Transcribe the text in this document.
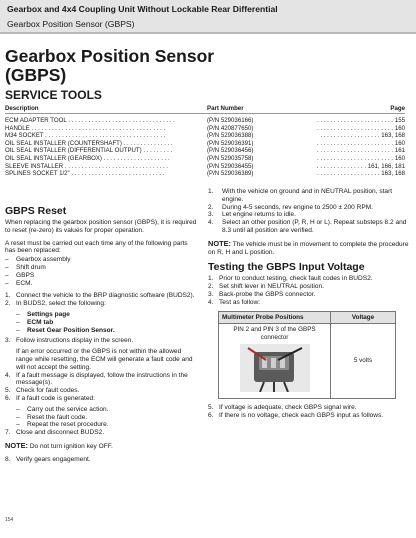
Gearbox and 4x4 Coupling Unit Without Lockable Rear Differential
Gearbox Position Sensor (GBPS)
Gearbox Position Sensor
(GBPS)
SERVICE TOOLS
Description	Part Number	Page
ECM ADAPTER TOOL . . . . . . . . . . . . . . . . . . . . . . . . . . . . . . . .	(P/N 529036166)	. . . . . . . . . . . . . . . . . . . . . . . 155
HANDLE . . . . . . . . . . . . . . . . . . . . . . . . . . . . . . . . . . . . . . . .	(P/N 420877650)	. . . . . . . . . . . . . . . . . . . . . . . 160
M34 SOCKET . . . . . . . . . . . . . . . . . . . . . . . . . . . . . . . . . . . .	(P/N 529036388)	. . . . . . . . . . . . . . . . . . 163, 168
OIL SEAL INSTALLER (COUNTERSHAFT) . . . . . . . . . . . . . . .	(P/N 529036391)	. . . . . . . . . . . . . . . . . . . . . . . 160
OIL SEAL INSTALLER (DIFFERENTIAL OUTPUT) . . . . . . . . .	(P/N 529036456)	. . . . . . . . . . . . . . . . . . . . . . . 161
OIL SEAL INSTALLER (GEARBOX) . . . . . . . . . . . . . . . . . . . .	(P/N 529035758)	. . . . . . . . . . . . . . . . . . . . . . . 160
SLEEVE INSTALLER . . . . . . . . . . . . . . . . . . . . . . . . . . . . . . .	(P/N 529036455)	. . . . . . . . . . . . . . . 161, 166, 181
SPLINES SOCKET 1/2" . . . . . . . . . . . . . . . . . . . . . . . . . . . .	(P/N 529036389)	. . . . . . . . . . . . . . . . . . . 163, 168
GBPS Reset

When replacing the gearbox position sensor (GBPS), it is required to reset (re-zero) its values for proper operation.

A reset must be carried out each time any of the following parts has been replaced:

– Gearbox assembly
– Shift drum
– GBPS
– ECM.
1. Connect the vehicle to the BRP diagnostic software (BUDS2).
2. In BUDS2, select the following:
– Settings page
– ECM tab
– Reset Gear Position Sensor.
3. Follow instructions display in the screen.
If an error occurred or the GBPS is not within the allowed range while resetting, the ECM will generate a fault code and will not accept the setting.
4. If a fault message is displayed, follow the instructions in the message(s).
5. Check for fault codes.
6. If a fault code is generated:
– Carry out the service action.
– Reset the fault code.
– Repeat the reset procedure.
7. Close and disconnect BUDS2.
NOTE: Do not turn ignition key OFF.
8. Verify gears engagement.
1. With the vehicle on ground and in NEUTRAL position, start engine.
2. During 4-5 seconds, rev engine to 2500 ± 200 RPM.
3. Let engine returns to idle.
4. Select an other position (P, R, H or L). Repeat substeps 8.2 and 8.3 until all position are verified.
NOTE: The vehicle must be in movement to complete the procedure on R, H and L position.
Testing the GBPS Input Voltage
1. Prior to conduct testing, check fault codes in BUDS2.
2. Set shift lever in NEUTRAL position.
3. Back-probe the GBPS connector.
4. Test as follow:
Multimeter Probe Positions	Voltage
PIN 2 and PIN 3 of the GBPS connector
5 volts
5. If voltage is adequate, check GBPS signal wire.
6. If there is no voltage, check each GBPS input as follows.
154
